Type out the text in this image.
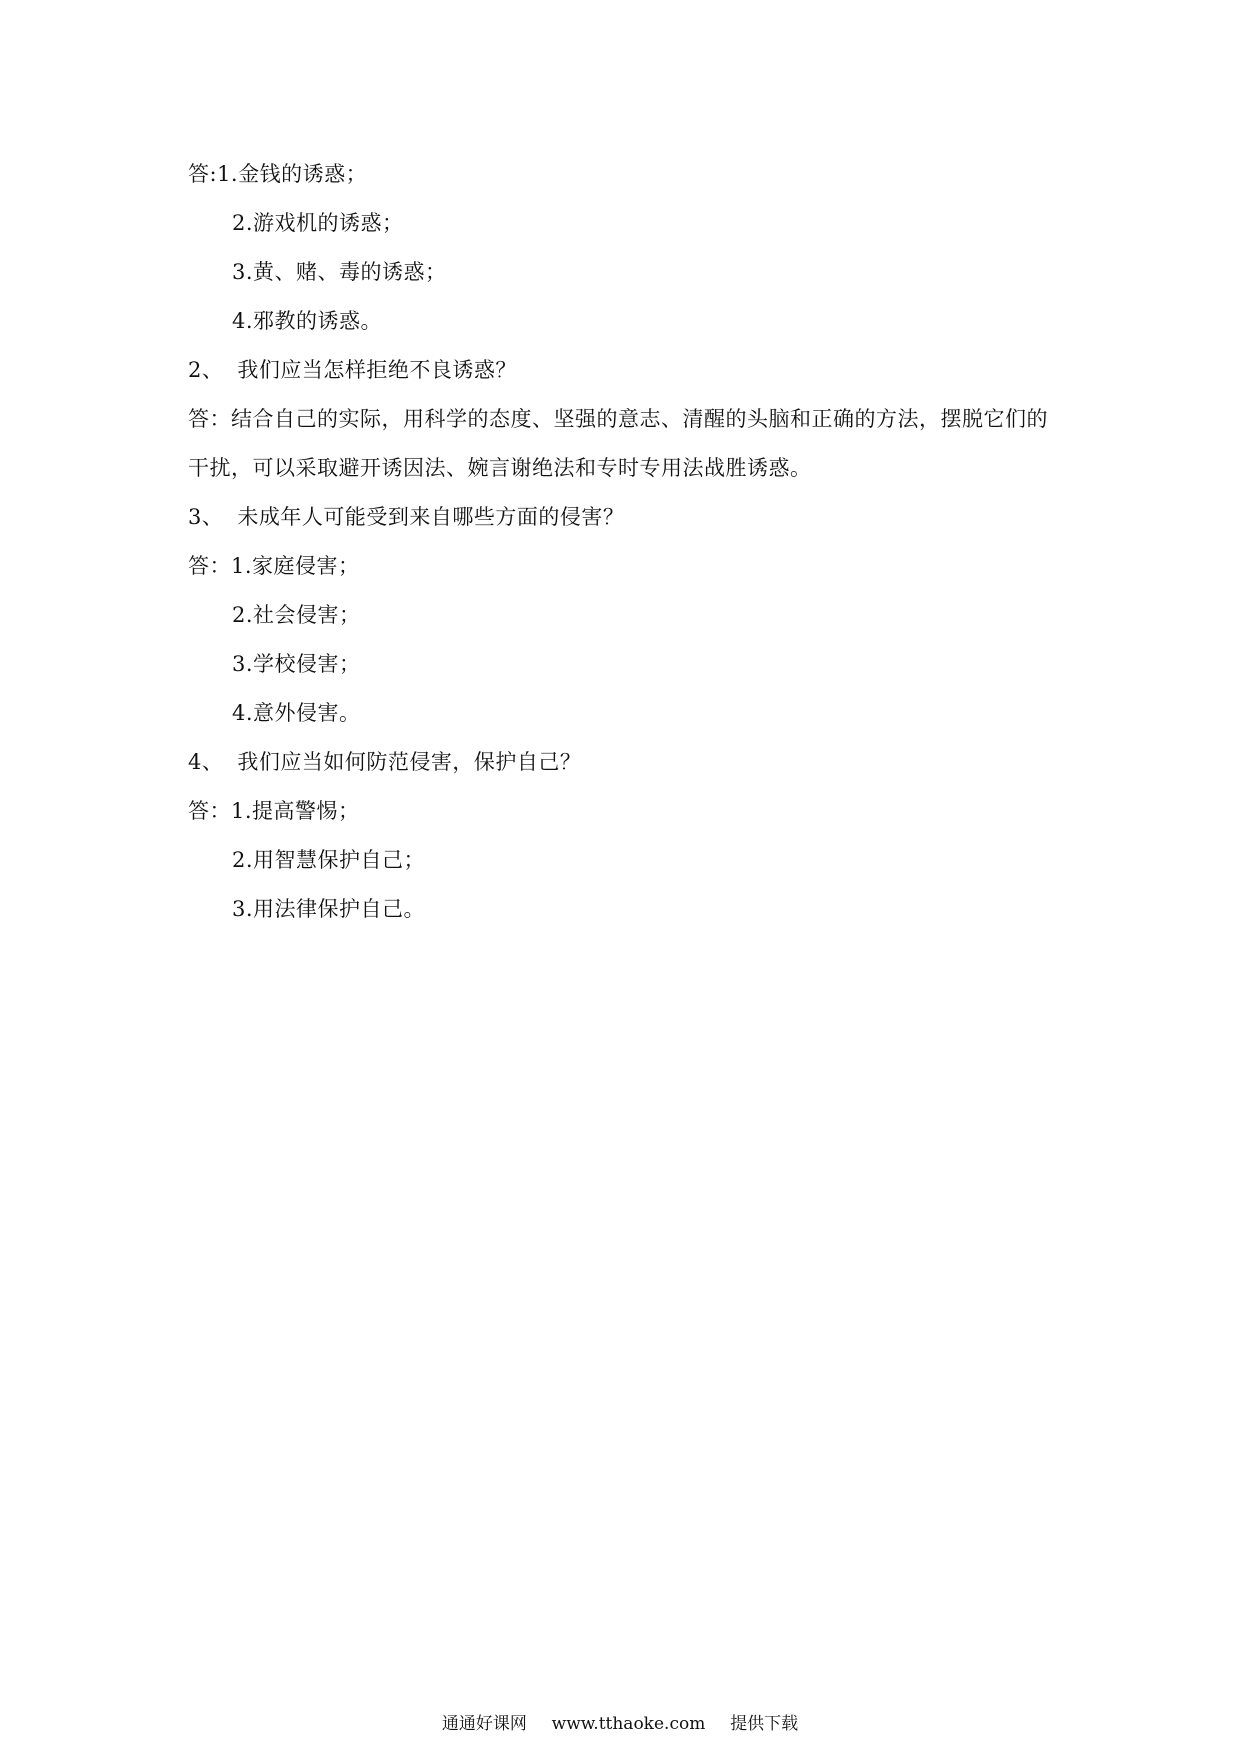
答:1.金钱的诱惑；
2.游戏机的诱惑；
3.黄、赌、毒的诱惑；
4.邪教的诱惑。
2、 我们应当怎样拒绝不良诱惑？
答：结合自己的实际，用科学的态度、坚强的意志、清醒的头脑和正确的方法，摆脱它们的
干扰，可以采取避开诱因法、婉言谢绝法和专时专用法战胜诱惑。
3、 未成年人可能受到来自哪些方面的侵害？
答：1.家庭侵害；
2.社会侵害；
3.学校侵害；
4.意外侵害。
4、 我们应当如何防范侵害，保护自己？
答：1.提高警惕；
2.用智慧保护自己；
3.用法律保护自己。
通通好课网 www.tthaoke.com 提供下载
